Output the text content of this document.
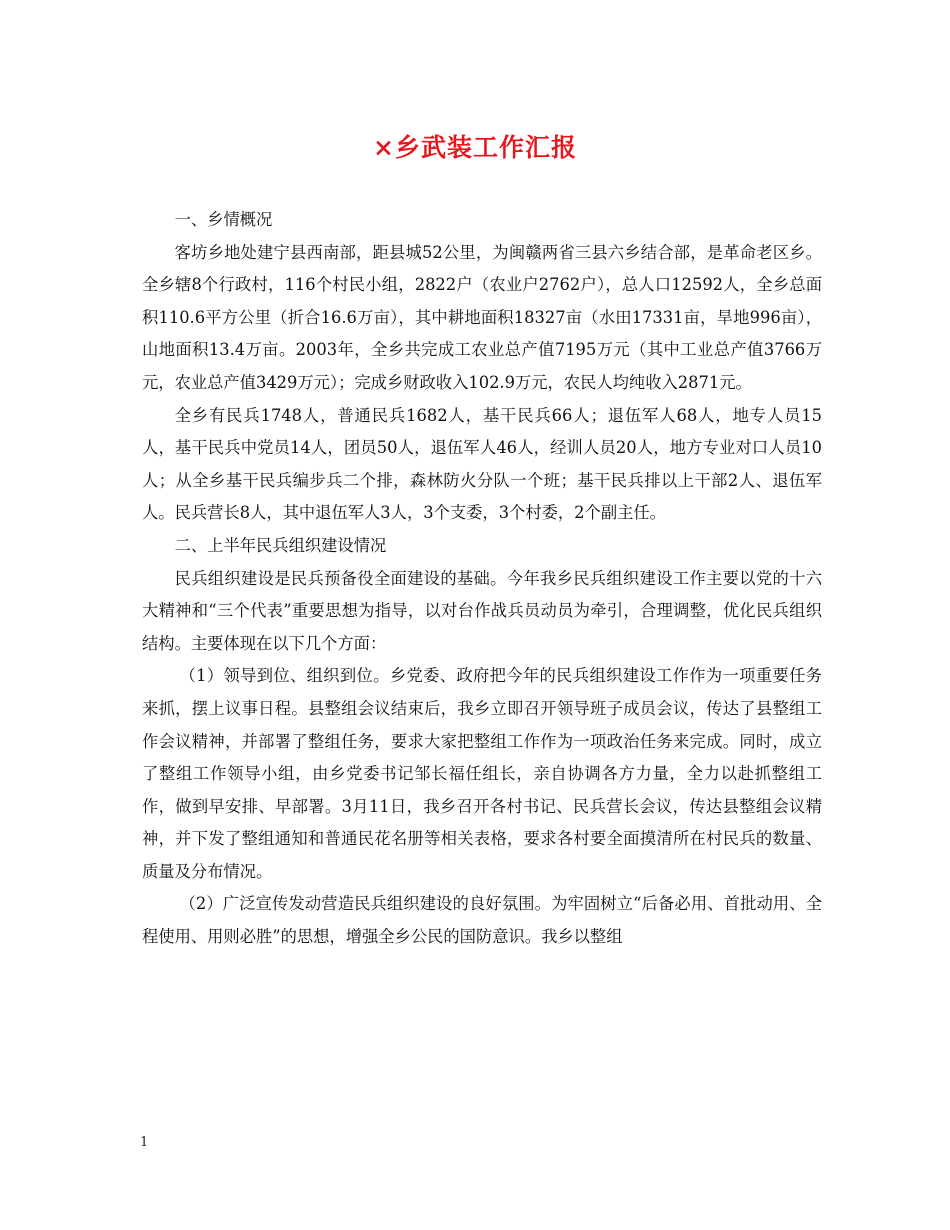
×乡武装工作汇报

一、乡情概况

客坊乡地处建宁县西南部，距县城52公里，为闽赣两省三县六乡结合部，是革命老区乡。全乡辖8个行政村，116个村民小组，2822户（农业户2762户），总人口12592人，全乡总面积110.6平方公里（折合16.6万亩），其中耕地面积18327亩（水田17331亩，旱地996亩），山地面积13.4万亩。2003年，全乡共完成工农业总产值7195万元（其中工业总产值3766万元，农业总产值3429万元）；完成乡财政收入102.9万元，农民人均纯收入2871元。

全乡有民兵1748人，普通民兵1682人，基干民兵66人；退伍军人68人，地专人员15人，基干民兵中党员14人，团员50人，退伍军人46人，经训人员20人，地方专业对口人员10人；从全乡基干民兵编步兵二个排，森林防火分队一个班；基干民兵排以上干部2人、退伍军人。民兵营长8人，其中退伍军人3人，3个支委，3个村委，2个副主任。

二、上半年民兵组织建设情况

民兵组织建设是民兵预备役全面建设的基础。今年我乡民兵组织建设工作主要以党的十六大精神和“三个代表”重要思想为指导，以对台作战兵员动员为牵引，合理调整，优化民兵组织结构。主要体现在以下几个方面：

（1）领导到位、组织到位。乡党委、政府把今年的民兵组织建设工作作为一项重要任务来抓，摆上议事日程。县整组会议结束后，我乡立即召开领导班子成员会议，传达了县整组工作会议精神，并部署了整组任务，要求大家把整组工作作为一项政治任务来完成。同时，成立了整组工作领导小组，由乡党委书记邹长福任组长，亲自协调各方力量，全力以赴抓整组工作，做到早安排、早部署。3月11日，我乡召开各村书记、民兵营长会议，传达县整组会议精神，并下发了整组通知和普通民花名册等相关表格，要求各村要全面摸清所在村民兵的数量、质量及分布情况。

（2）广泛宣传发动营造民兵组织建设的良好氛围。为牢固树立“后备必用、首批动用、全程使用、用则必胜”的思想，增强全乡公民的国防意识。我乡以整组

1
